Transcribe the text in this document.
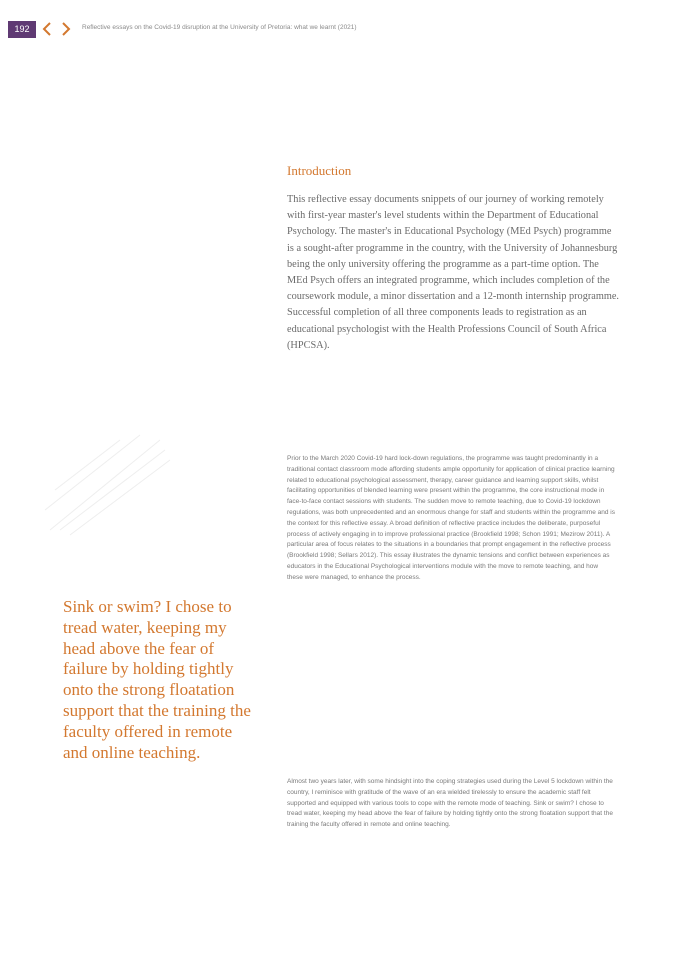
192	Reflective essays on the Covid-19 disruption at the University of Pretoria: what we learnt (2021)
Introduction

This reflective essay documents snippets of our journey of working remotely with first-year master's level students within the Department of Educational Psychology. The master's in Educational Psychology (MEd Psych) programme is a sought-after programme in the country, with the University of Johannesburg being the only university offering the programme as a part-time option. The MEd Psych offers an integrated programme, which includes completion of the coursework module, a minor dissertation and a 12-month internship programme. Successful completion of all three components leads to registration as an educational psychologist with the Health Professions Council of South Africa (HPCSA).

Prior to the March 2020 Covid-19 hard lock-down regulations, the programme was taught predominantly in a traditional contact classroom mode affording students ample opportunity for application of clinical practice learning related to educational psychological assessment, therapy, career guidance and learning support skills, whilst facilitating opportunities of blended learning were present within the programme, the core instructional mode in face-to-face contact sessions with students. The sudden move to remote teaching, due to Covid-19 lockdown regulations, was both unprecedented and an enormous change for staff and students within the programme and is the context for this reflective essay. A broad definition of reflective practice includes the deliberate, purposeful process of actively engaging in to improve professional practice (Brookfield 1998; Schon 1991; Mezirow 2011). A particular area of focus relates to the situations in a boundaries that prompt engagement in the reflective process (Brookfield 1998; Sellars 2012). This essay illustrates the dynamic tensions and conflict between experiences as educators in the Educational Psychological interventions module with the move to remote teaching, and how these were managed, to enhance the process.

Almost two years later, with some hindsight into the coping strategies used during the Level 5 lockdown within the country, I reminisce with gratitude of the wave of an era wielded tirelessly to ensure the academic staff felt supported and equipped with various tools to cope with the remote mode of teaching. Sink or swim? I chose to tread water, keeping my head above the fear of failure by holding tightly onto the strong floatation support that the training the faculty offered in remote and online teaching.

Sink or swim? I chose to tread water, keeping my head above the fear of failure by holding tightly onto the strong floatation support that the training the faculty offered in remote and online teaching.
